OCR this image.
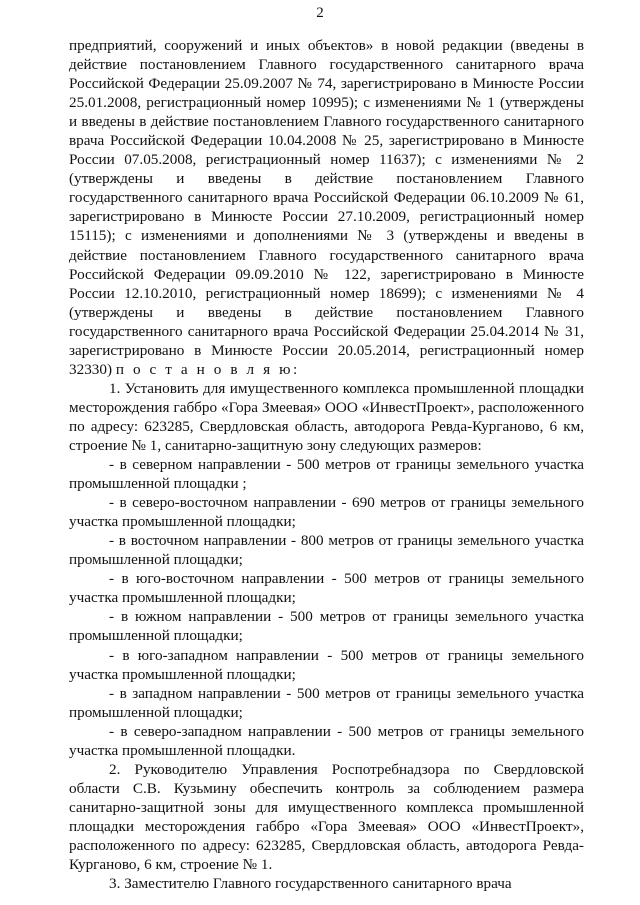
2

предприятий, сооружений и иных объектов» в новой редакции (введены в действие постановлением Главного государственного санитарного врача Российской Федерации 25.09.2007 № 74, зарегистрировано в Минюсте России 25.01.2008, регистрационный номер 10995); с изменениями № 1 (утверждены и введены в действие постановлением Главного государственного санитарного врача Российской Федерации 10.04.2008 № 25, зарегистрировано в Минюсте России 07.05.2008, регистрационный номер 11637); с изменениями № 2 (утверждены и введены в действие постановлением Главного государственного санитарного врача Российской Федерации 06.10.2009 № 61, зарегистрировано в Минюсте России 27.10.2009, регистрационный номер 15115); с изменениями и дополнениями № 3 (утверждены и введены в действие постановлением Главного государственного санитарного врача Российской Федерации 09.09.2010 № 122, зарегистрировано в Минюсте России 12.10.2010, регистрационный номер 18699); с изменениями № 4 (утверждены и введены в действие постановлением Главного государственного санитарного врача Российской Федерации 25.04.2014 № 31, зарегистрировано в Минюсте России 20.05.2014, регистрационный номер 32330) п о с т а н о в л я ю:

1. Установить для имущественного комплекса промышленной площадки месторождения габбро «Гора Змеевая» ООО «ИнвестПроект», расположенного по адресу: 623285, Свердловская область, автодорога Ревда-Курганово, 6 км, строение № 1, санитарно-защитную зону следующих размеров:

- в северном направлении - 500 метров от границы земельного участка промышленной площадки ;
- в северо-восточном направлении - 690 метров от границы земельного участка промышленной площадки;
- в восточном направлении - 800 метров от границы земельного участка промышленной площадки;
- в юго-восточном направлении - 500 метров от границы земельного участка промышленной площадки;
- в южном направлении - 500 метров от границы земельного участка промышленной площадки;
- в юго-западном направлении - 500 метров от границы земельного участка промышленной площадки;
- в западном направлении - 500 метров от границы земельного участка промышленной площадки;
- в северо-западном направлении - 500 метров от границы земельного участка промышленной площадки.

2. Руководителю Управления Роспотребнадзора по Свердловской области С.В. Кузьмину обеспечить контроль за соблюдением размера санитарно-защитной зоны для имущественного комплекса промышленной площадки месторождения габбро «Гора Змеевая» ООО «ИнвестПроект», расположенного по адресу: 623285, Свердловская область, автодорога Ревда-Курганово, 6 км, строение № 1.

3. Заместителю Главного государственного санитарного врача
